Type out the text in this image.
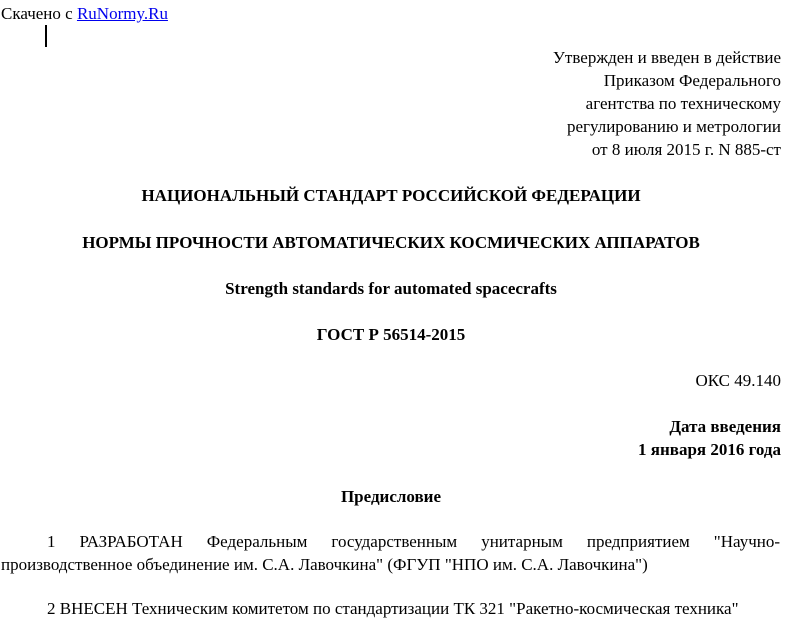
Скачено с RuNormy.Ru
Утвержден и введен в действие
Приказом Федерального
агентства по техническому
регулированию и метрологии
от 8 июля 2015 г. N 885-ст
НАЦИОНАЛЬНЫЙ СТАНДАРТ РОССИЙСКОЙ ФЕДЕРАЦИИ
НОРМЫ ПРОЧНОСТИ АВТОМАТИЧЕСКИХ КОСМИЧЕСКИХ АППАРАТОВ
Strength standards for automated spacecrafts
ГОСТ Р 56514-2015
ОКС 49.140
Дата введения
1 января 2016 года
Предисловие
1 РАЗРАБОТАН Федеральным государственным унитарным предприятием "Научно-производственное объединение им. С.А. Лавочкина" (ФГУП "НПО им. С.А. Лавочкина")
2 ВНЕСЕН Техническим комитетом по стандартизации ТК 321 "Ракетно-космическая техника"
